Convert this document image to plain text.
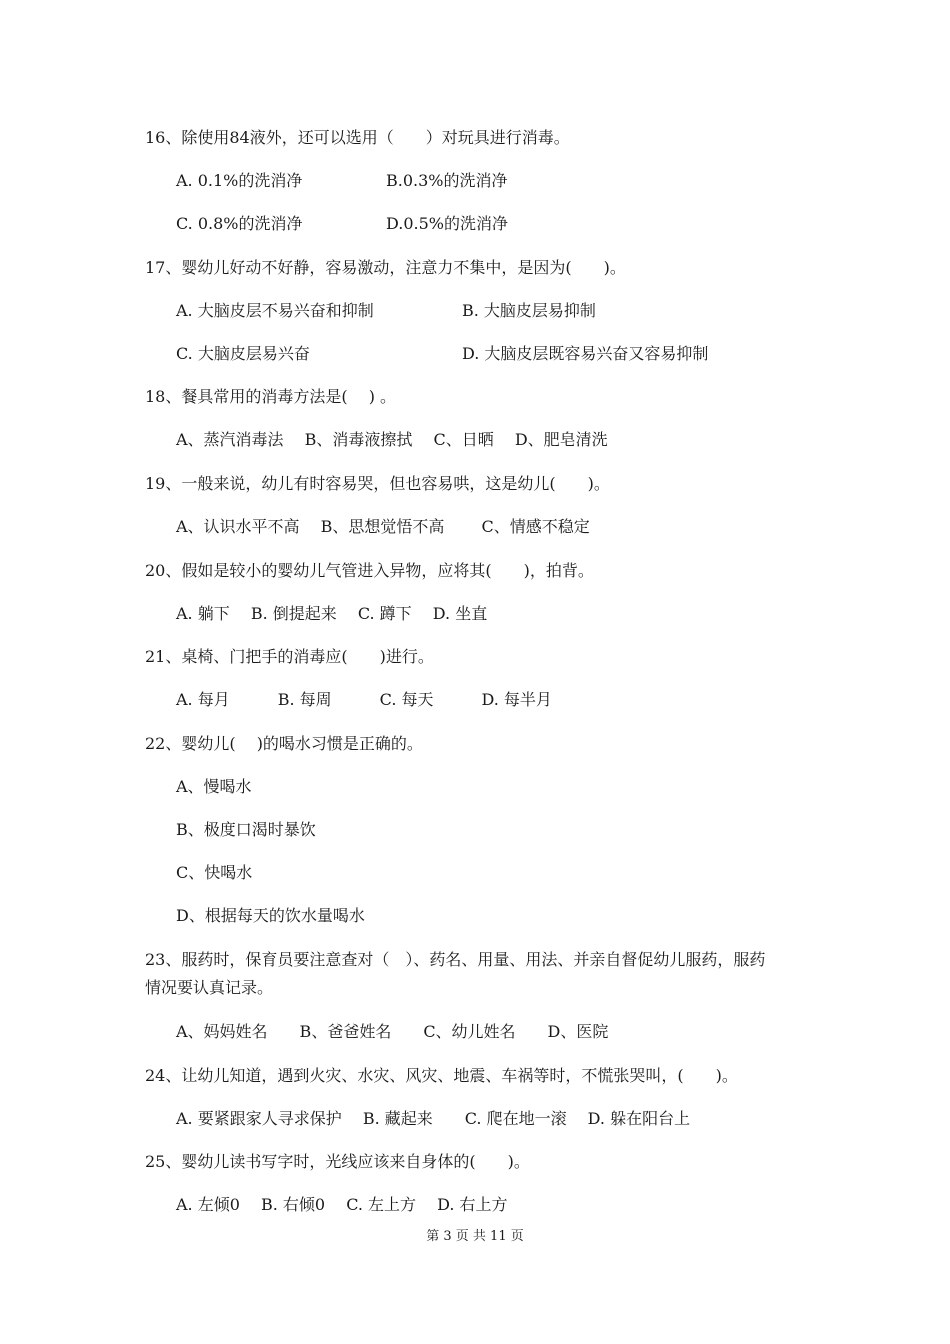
16、除使用84液外，还可以选用（　　）对玩具进行消毒。
A. 0.1%的洗消净	B.0.3%的洗消净
C. 0.8%的洗消净	D.0.5%的洗消净
17、婴幼儿好动不好静，容易激动，注意力不集中，是因为(　　)。
A. 大脑皮层不易兴奋和抑制	B. 大脑皮层易抑制
C. 大脑皮层易兴奋	D. 大脑皮层既容易兴奋又容易抑制
18、餐具常用的消毒方法是(　 ) 。
A、蒸汽消毒法　 B、消毒液擦拭　 C、日晒　 D、肥皂清洗
19、一般来说，幼儿有时容易哭，但也容易哄，这是幼儿(　　)。
A、认识水平不高　 B、思想觉悟不高　　 C、情感不稳定
20、假如是较小的婴幼儿气管进入异物，应将其(　　)，拍背。
A. 躺下　 B. 倒提起来　 C. 蹲下　 D. 坐直
21、桌椅、门把手的消毒应(　　)进行。
A. 每月　　　B. 每周　　　C. 每天　　　D. 每半月
22、婴幼儿(　 )的喝水习惯是正确的。
A、慢喝水
B、极度口渴时暴饮
C、快喝水
D、根据每天的饮水量喝水
23、服药时，保育员要注意查对（　）、药名、用量、用法、并亲自督促幼儿服药，服药
情况要认真记录。
A、妈妈姓名　　B、爸爸姓名　　C、幼儿姓名　　D、医院
24、让幼儿知道，遇到火灾、水灾、风灾、地震、车祸等时，不慌张哭叫，(　　)。
A. 要紧跟家人寻求保护　 B. 藏起来　　C. 爬在地一滚　 D. 躲在阳台上
25、婴幼儿读书写字时，光线应该来自身体的(　　)。
A. 左倾0　 B. 右倾0　 C. 左上方　 D. 右上方
第 3 页 共 11 页
